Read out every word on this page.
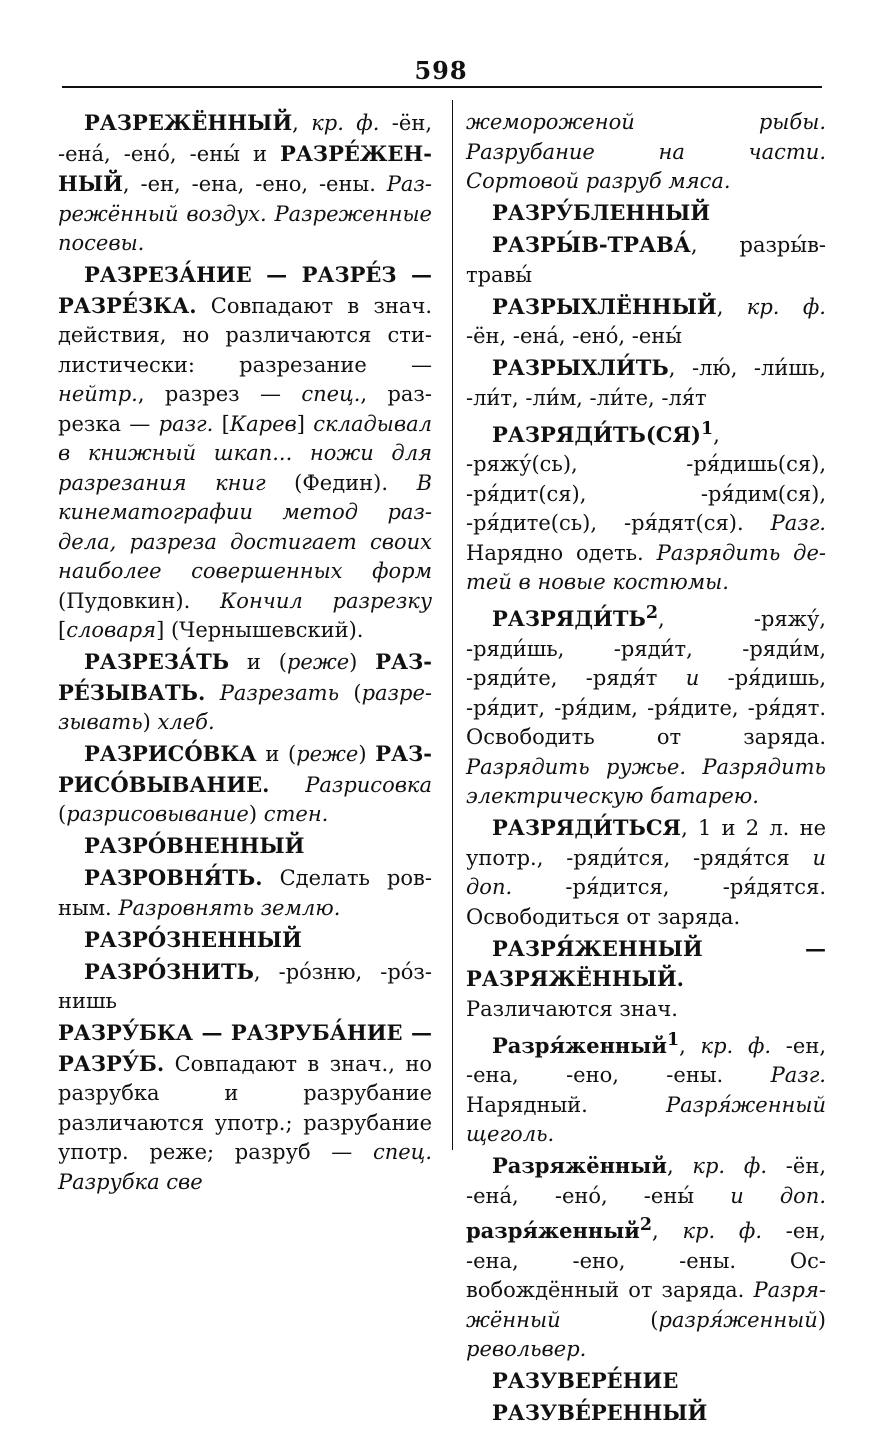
598

РАЗРЕЖЁННЫЙ, кр. ф. -ён, -ена́, -ено́, -ены́ и РАЗРЕ́ЖЕННЫЙ, -ен, -ена, -ено, -ены. Разрежённый воздух. Разреженные посевы.

РАЗРЕЗА́НИЕ — РАЗРЕ́З — РАЗРЕ́ЗКА. Совпадают в знач. действия, но различаются стилистически: разрезание — нейтр., разрез — спец., разрезка — разг. [Карев] складывал в книжный шкап... ножи для разрезания книг (Федин). В кинематографии метод раздела, разреза достигает своих наиболее совершенных форм (Пудовкин). Кончил разрезку [словаря] (Чернышевский).

РАЗРЕЗА́ТЬ и (реже) РАЗРЕ́ЗЫВАТЬ. Разрезать (разрезывать) хлеб.

РАЗРИСО́ВКА и (реже) РАЗРИСО́ВЫВАНИЕ. Разрисовка (разрисовывание) стен.

РАЗРО́ВНЕННЫЙ

РАЗРОВНЯ́ТЬ. Сделать ровным. Разровнять землю.

РАЗРО́ЗНЕННЫЙ

РАЗРО́ЗНИТЬ, -ро́зню, -ро́знишь

РАЗРУ́БКА — РАЗРУБА́НИЕ — РАЗРУ́Б. Совпадают в знач., но разрубка и разрубание различаются употр.; разрубание употр. реже; разруб — спец. Разрубка све

жемороженой рыбы. Разрубание на части. Сортовой разруб мяса.

РАЗРУ́БЛЕННЫЙ

РАЗРЫ́В-ТРАВА́, разры́в-травы́

РАЗРЫХЛЁННЫЙ, кр. ф. -ён, -ена́, -ено́, -ены́

РАЗРЫХЛИ́ТЬ, -лю́, -ли́шь, -ли́т, -ли́м, -ли́те, -ля́т

РАЗРЯДИ́ТЬ(СЯ)$^1$, -ряжу́(сь), -ря́дишь(ся), -ря́дит(ся), -ря́дим(ся), -ря́дите(сь), -ря́дят(ся). Разг. Нарядно одеть. Разрядить детей в новые костюмы.

$РАЗРЯДИ́ТЬ^2$, -ряжу́, -ряди́шь, -ряди́т, -ряди́м, -ряди́те, -рядя́т и -ря́дишь, -ря́дит, -ря́дим, -ря́дите, -ря́дят. Освободить от заряда. Разрядить ружье. Разрядить электрическую батарею.

РАЗРЯДИ́ТЬСЯ, 1 и 2 л. не употр., -ряди́тся, -рядя́тся и доп. -ря́дится, -ря́дятся. Освободиться от заряда.

РАЗРЯ́ЖЕННЫЙ — РАЗРЯЖЁННЫЙ. Различаются знач.

Разря́женный$^1$, кр. ф. -ен, -ена, -ено, -ены. Разг. Нарядный. Разря́женный щеголь.

Разряжённый, кр. ф. -ён, -ена́, -ено́, -ены́ и доп. разря́женный$^2$, кр. ф. -ен, -ена, -ено, -ены. Освобождённый от заряда. Разряжённый (разря́женный) револьвер.

РАЗУВЕРЕ́НИЕ

РАЗУВЕ́РЕННЫЙ
